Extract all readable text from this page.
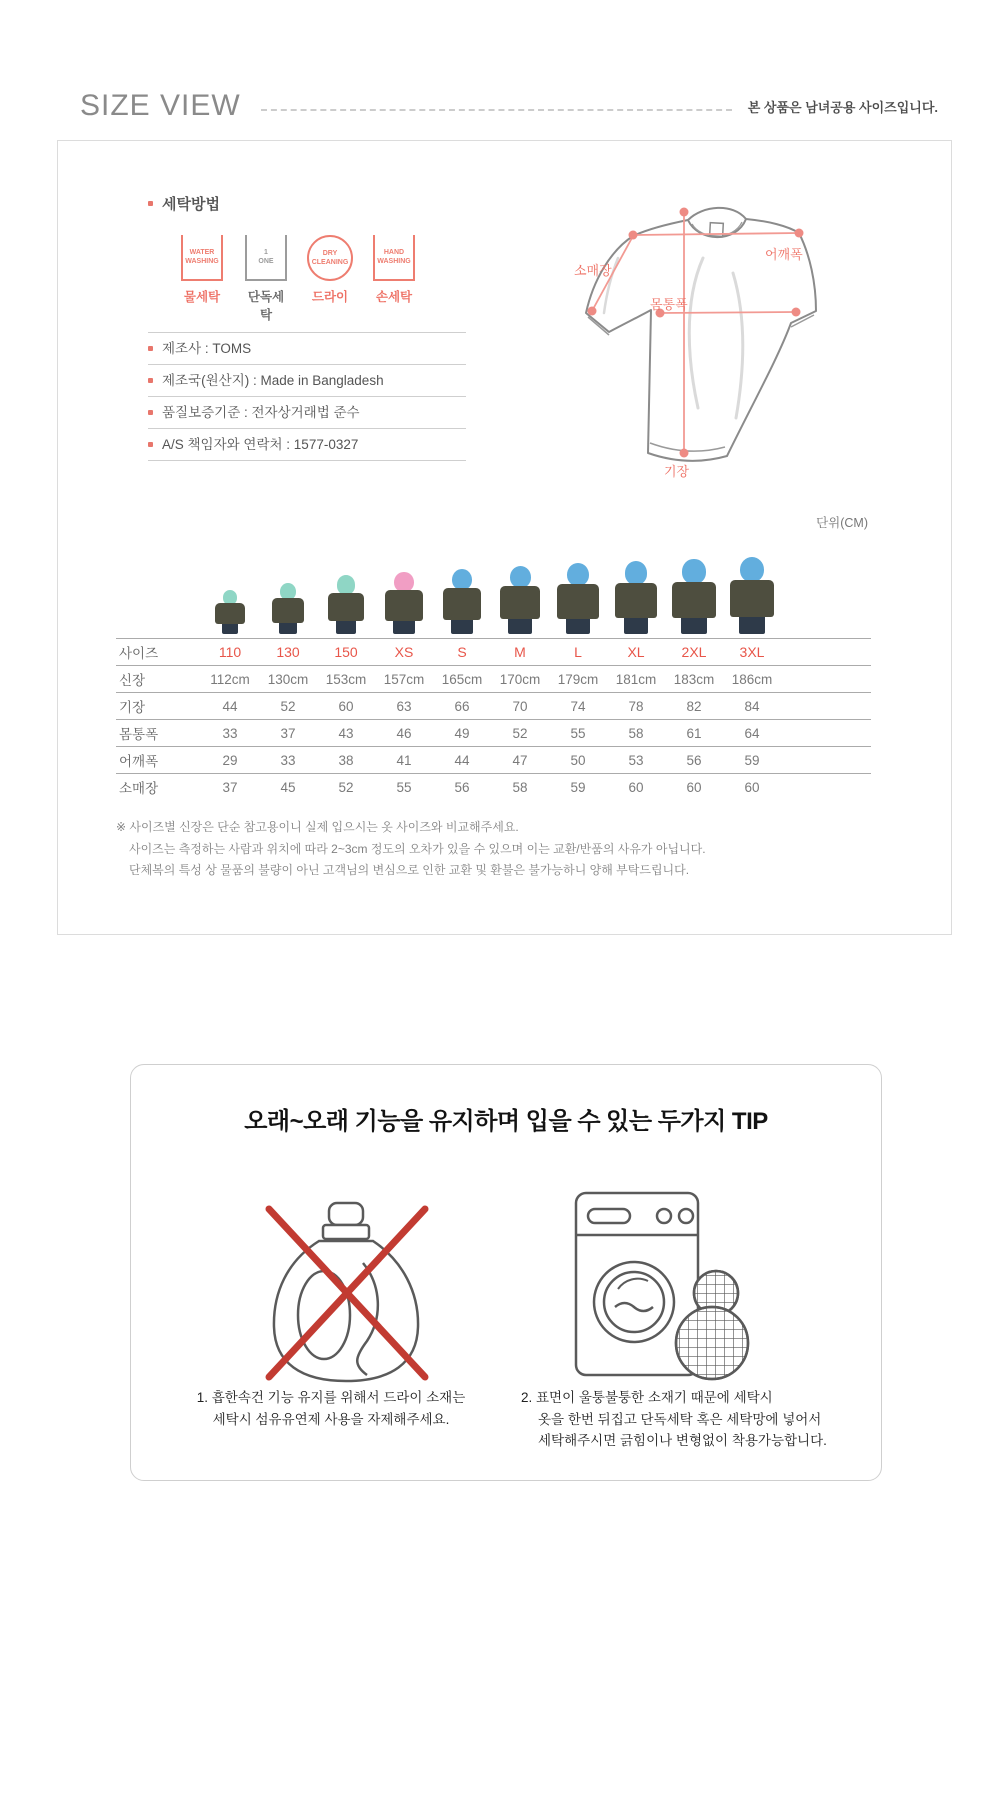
SIZE VIEW	본 상품은 남녀공용 사이즈입니다.
세탁방법
WATER
WASHING
물세탁
1
ONE
단독세탁
DRY
CLEANING
드라이
HAND
WASHING
손세탁
제조사 : TOMS
제조국(원산지) : Made in Bangladesh
품질보증기준 : 전자상거래법 준수
A/S 책임자와 연락처 : 1577-0327
어깨폭
소매장
몸통폭
기장
단위(CM)
사이즈	110	130	150	XS	S	M	L	XL	2XL	3XL	
신장	112cm	130cm	153cm	157cm	165cm	170cm	179cm	181cm	183cm	186cm	
기장	44	52	60	63	66	70	74	78	82	84	
몸통폭	33	37	43	46	49	52	55	58	61	64	
어깨폭	29	33	38	41	44	47	50	53	56	59	
소매장	37	45	52	55	56	58	59	60	60	60	
※ 사이즈별 신장은 단순 참고용이니 실제 입으시는 옷 사이즈와 비교해주세요.
사이즈는 측정하는 사람과 위치에 따라 2~3cm 정도의 오차가 있을 수 있으며 이는 교환/반품의 사유가 아닙니다.
단체복의 특성 상 물품의 불량이 아닌 고객님의 변심으로 인한 교환 및 환불은 불가능하니 양해 부탁드립니다.
오래~오래 기능을 유지하며 입을 수 있는 두가지 TIP
1. 흡한속건 기능 유지를 위해서 드라이 소재는
세탁시 섬유유연제 사용을 자제해주세요.
2. 표면이 울퉁불퉁한 소재기 때문에 세탁시
옷을 한번 뒤집고 단독세탁 혹은 세탁망에 넣어서
세탁해주시면 긁힘이나 변형없이 착용가능합니다.
